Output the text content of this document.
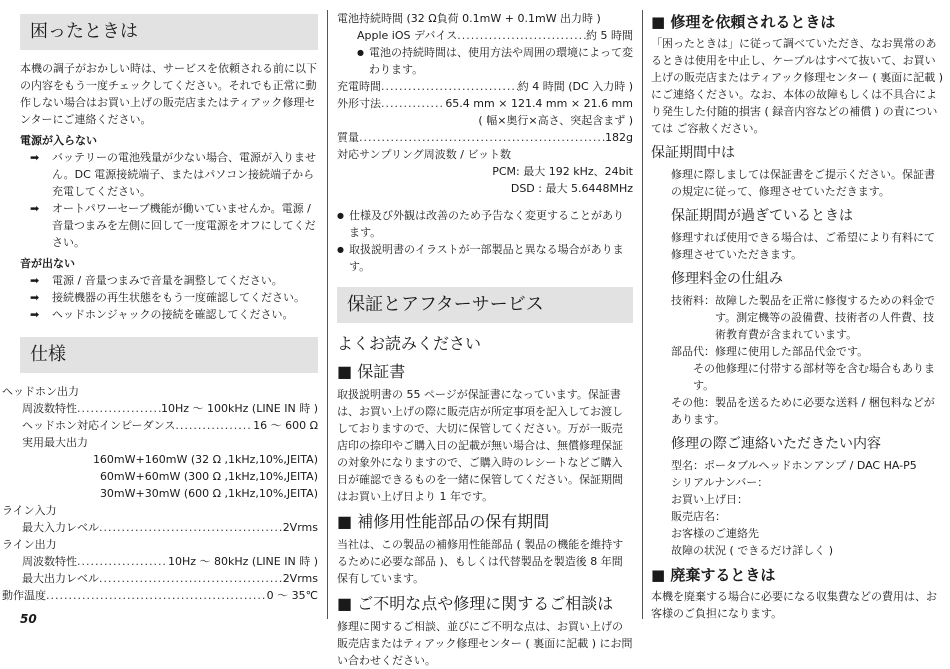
困ったときは

本機の調子がおかしい時は、サービスを依頼される前に以下の内容をもう一度チェックしてください。それでも正常に動作しない場合はお買い上げの販売店またはティアック修理センターにご連絡ください。

電源が入らない

➡ バッテリーの電池残量が少ない場合、電源が入りません。DC 電源接続端子、またはパソコン接続端子から充電してください。
➡ オートパワーセーブ機能が働いていませんか。電源 / 音量つまみを左側に回して一度電源をオフにしてください。

音が出ない

➡ 電源 / 音量つまみで音量を調整してください。
➡ 接続機器の再生状態をもう一度確認してください。
➡ ヘッドホンジャックの接続を確認してください。
仕様
ヘッドホン出力
周波数特性 .....	10Hz ～ 100kHz (LINE IN 時 )
ヘッドホン対応インピーダンス .....	16 ～ 600 Ω
実用最大出力
160mW+160mW (32 Ω ,1kHz,10%,JEITA)
60mW+60mW (300 Ω ,1kHz,10%,JEITA)
30mW+30mW (600 Ω ,1kHz,10%,JEITA)
ライン入力
最大入力レベル .....	2Vrms
ライン出力
周波数特性 .....	10Hz ～ 80kHz (LINE IN 時 )
最大出力レベル .....	2Vrms
動作温度 .....	0 ～ 35℃
電池持続時間 (32 Ω負荷 0.1mW + 0.1mW 出力時 )
Apple iOS デバイス .....	約 5 時間
● 電池の持続時間は、使用方法や周囲の環境によって変わります。
充電時間 .....	約 4 時間 (DC 入力時 )
外形寸法 .....	65.4 mm × 121.4 mm × 21.6 mm
( 幅×奥行×高さ、突起含まず )
質量 .....	182g
対応サンプリング周波数 / ビット数
PCM: 最大 192 kHz、24bit
DSD : 最大 5.6448MHz
● 仕様及び外観は改善のため予告なく変更することがあります。
● 取扱説明書のイラストが一部製品と異なる場合があります。
保証とアフターサービス
よくお読みください
■ 保証書

取扱説明書の 55 ページが保証書になっています。保証書は、お買い上げの際に販売店が所定事項を記入してお渡ししておりますので、大切に保管してください。万が一販売店印の捺印やご購入日の記載が無い場合は、無償修理保証の対象外になりますので、ご購入時のレシートなどご購入日が確認できるものを一緒に保管してください。保証期間はお買い上げ日より 1 年です。

■ 補修用性能部品の保有期間

当社は、この製品の補修用性能部品 ( 製品の機能を維持するために必要な部品 )、もしくは代替製品を製造後 8 年間保有しています。

■ ご不明な点や修理に関するご相談は

修理に関するご相談、並びにご不明な点は、お買い上げの販売店またはティアック修理センター ( 裏面に記載 ) にお問い合わせください。

■ 修理を依頼されるときは

「困ったときは」に従って調べていただき、なお異常のあるときは使用を中止し、ケーブルはすべて抜いて、お買い上げの販売店またはティアック修理センター ( 裏面に記載 ) にご連絡ください。なお、本体の故障もしくは不具合により発生した付随的損害 ( 録音内容などの補償 ) の責については ご容赦ください。

保証期間中は

修理に際しましては保証書をご提示ください。保証書の規定に従って、修理させていただきます。

保証期間が過ぎているときは

修理すれば使用できる場合は、ご希望により有料にて修理させていただきます。

修理料金の仕組み
技術料： 故障した製品を正常に修復するための料金です。測定機等の設備費、技術者の人件費、技術教育費が含まれています。
部品代： 修理に使用した部品代金です。
その他修理に付帯する部材等を含む場合もあります。
その他：製品を送るために必要な送料 / 梱包料などがあります。
修理の際ご連絡いただきたい内容
型名：ポータブルヘッドホンアンプ / DAC HA-P5
シリアルナンバー：
お買い上げ日：
販売店名：
お客様のご連絡先
故障の状況 ( できるだけ詳しく )
■ 廃棄するときは

本機を廃棄する場合に必要になる収集費などの費用は、お客様のご負担になります。

50
